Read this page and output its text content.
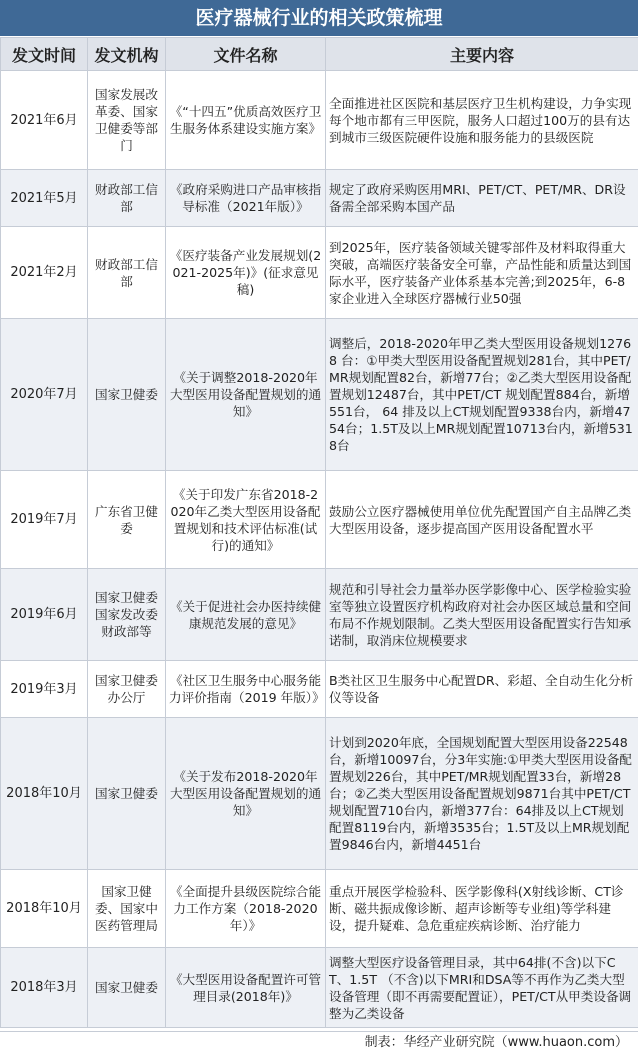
医疗器械行业的相关政策梳理
发文时间	发文机构	文件名称	主要内容
2021年6月	国家发展改革委、国家卫健委等部门	《“十四五”优质高效医疗卫生服务体系建设实施方案》	全面推进社区医院和基层医疗卫生机构建设，力争实现每个地市都有三甲医院，服务人口超过100万的县有达到城市三级医院硬件设施和服务能力的县级医院
2021年5月	财政部工信部	《政府采购进口产品审核指导标准（2021年版）》	规定了政府采购医用MRI、PET/CT、PET/MR、DR设备需全部采购本国产品
2021年2月	财政部工信部	《医疗装备产业发展规划(2021-2025年)》(征求意见稿)	到2025年，医疗装备领域关键零部件及材料取得重大突破，高端医疗装备安全可靠，产品性能和质量达到国际水平，医疗装备产业体系基本完善;到2025年，6-8家企业进入全球医疗器械行业50强
2020年7月	国家卫健委	《关于调整2018-2020年大型医用设备配置规划的通知》	调整后，2018-2020年甲乙类大型医用设备规划12768 台：①甲类大型医用设备配置规划281台，其中PET/MR规划配置82台，新增77台；②乙类大型医用设备配置规划12487台，其中PET/CT 规划配置884台，新增551台， 64 排及以上CT规划配置9338台内，新增4754台；1.5T及以上MR规划配置10713台内，新增5318台
2019年7月	广东省卫健委	《关于印发广东省2018-2020年乙类大型医用设备配置规划和技术评估标准(试行)的通知》	鼓励公立医疗器械使用单位优先配置国产自主品牌乙类大型医用设备，逐步提高国产医用设备配置水平
2019年6月	国家卫健委国家发改委财政部等	《关于促进社会办医持续健康规范发展的意见》	规范和引导社会力量举办医学影像中心、医学检验实验室等独立设置医疗机构政府对社会办医区域总量和空间布局不作规划限制。乙类大型医用设备配置实行告知承诺制，取消床位规模要求
2019年3月	国家卫健委办公厅	《社区卫生服务中心服务能力评价指南（2019 年版）》	B类社区卫生服务中心配置DR、彩超、全自动生化分析仪等设备
2018年10月	国家卫健委	《关于发布2018-2020年大型医用设备配置规划的通知》	计划到2020年底，全国规划配置大型医用设备22548台，新增10097台，分3年实施:①甲类大型医用设备配置规划226台，其中PET/MR规划配置33台，新增28台；②乙类大型医用设备配置规划9871台其中PET/CT规划配置710台内，新增377台：64排及以上CT规划配置8119台内，新增3535台；1.5T及以上MR规划配置9846台内，新增4451台
2018年10月	国家卫健委、国家中医药管理局	《全面提升县级医院综合能力工作方案（2018-2020年）》	重点开展医学检验科、医学影像科(X射线诊断、CT诊断、磁共振成像诊断、超声诊断等专业组)等学科建设，提升疑难、急危重症疾病诊断、治疗能力
2018年3月	国家卫健委	《大型医用设备配置许可管理目录(2018年)》	调整大型医疗设备管理目录，其中64排(不含)以下CT、1.5T （不含)以下MRI和DSA等不再作为乙类大型设备管理（即不再需要配置证），PET/CT从甲类设备调整为乙类设备
制表：华经产业研究院（www.huaon.com）
